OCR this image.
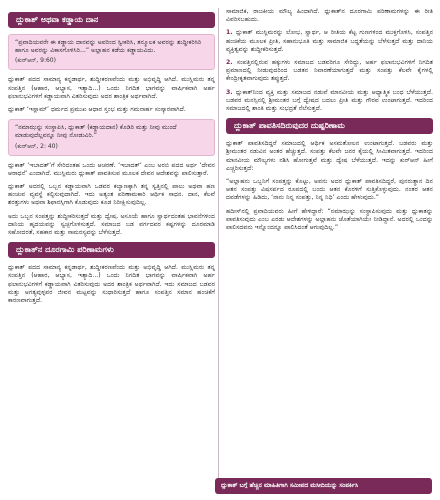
ದ್ಲುಕಾಶ್ ಅಥವಾ ಕಡ್ಡಾಯ ದಾನ
“ಪ್ರವಾದಿಯವರೇ ಈ ಕಡ್ಡಾಯ ದಾನವನ್ನು ಅವರಿಂದ ಸ್ವೀಕರಿಸಿ, ತನ್ಮೂಲಕ ಅವರನ್ನು ಶುದ್ಧೀಕರಿಸಿರಿ ಹಾಗೂ ಅವರನ್ನು ವಿಕಾಸಗೊಳಿಸಿರಿ...” ಅಲ್ಲಾಹನ ಕಡೆಯ ಕಡ್ಡಾಯವಿದು.
(ಕುರ್‌ಆನ್, 9:60)

ದ್ಲುಕಾತ್ ಪದದ ಸಾಮಾನ್ಯ ಕನ್ನಡಾರ್ಥ, ಶುದ್ಧೀಕರಣವೆಂದು ಮತ್ತು ಅಭಿವೃದ್ಧಿ ಆಗಿದೆ. ಮುಸ್ಲಿಮರು ತನ್ನ ಸಂಪತ್ತಿನ (ಆಹಾರ, ಆಭ್ಯಾಸ, ಇತ್ಯಾದಿ...) ಒಂದು ನಿಗದಿತ ಭಾಗವನ್ನು ವಾರ್ಷಿಕವಾಗಿ ಅರ್ಹ ಫಲಾನುಭವಿಗಳಿಗೆ ಕಡ್ಡಾಯವಾಗಿ ವಿತರಿಸುವುದು ಅದರ ಶಾಂತ್ರಿಕ ಅರ್ಥವಾಗಿದೆ.

ದ್ಲುಕಾತ್ ‘ಇಸ್ಲಾಮ್’ ಧರ್ಮದ ಪ್ರಮುಖ ಆಧಾರ ಸ್ತಂಭ ಮತ್ತು ಗಮನಾರ್ಹ ಸಂಸ್ಕಾರವಾಗಿದೆ.

“ನಮಾಝನ್ನು ಸಂಸ್ಥಾಪಿಸಿ, ದ್ಲುಕಾತ್ (ಕಡ್ಡಾಯದಾನ) ಕೊಡಿರಿ ಮತ್ತು ನೀವು ಮುಂದೆ ಮಾಡುವುದೆಲ್ಲವನ್ನೂ ನೀವು ನೋಡುವಿರಿ.”
(ಕುರ್‌ಆನ್, 2: 40)

ದ್ಲುಕಾತ್ ‘ಇಬಾದತ್’ಗೆ ಸೇರಿದಂತಹ ಒಂದು ಆಚರಣೆ. ‘ಇಬಾದತ್’ ಎಂಬ ಅರಬಿ ಪದದ ಅರ್ಥ ‘ದೇವನ ಆರಾಧನೆ’ ಎಂದಾಗಿದೆ. ಮುಸ್ಲಿಮರು ದ್ಲುಕಾತ್ ಪಾವತಿಸುವ ಮೂಲಕ ದೇವನ ಆದೇಶವನ್ನು ಪಾಲಿಸುತ್ತಾರೆ.

ದ್ಲುಕಾತ್ ಅದರಲ್ಲಿ ಒಬ್ಬನ ಕಡ್ಡಾಯವಾಗಿ ಒಡವರ ಕಲ್ಯಾಣಕ್ಕಾಗಿ ತನ್ನ ಸ್ವತ್ತಿನಲ್ಲಿ ಪಾಲು ಅಥವಾ ಹಣ ಹಂಚುವ ವ್ಯವಸ್ಥೆ ಕಲ್ಪಿಸುವುದಾಗಿದೆ. ಇದು ಅತ್ಯಂತ ಪರಿಣಾಮಕಾರಿ ಆರ್ಥಿಕ ಸಾಧನ. ದಾನ, ಕೆಲವೆ ಶರತ್ತುಗಳು ಅಥವಾ ಶಿಫಾರಸ್ಸಿಗಾಗಿ ಕೊಡುವುದು ಕೂಡ ನಿರೀಕ್ಷಿಸುವುದಿಲ್ಲ.

ಅದು ಒಬ್ಬನ ಸಂಪತ್ತನ್ನು ಶುದ್ಧೀಕರಿಸುತ್ತದೆ ಮತ್ತು ದ್ವೇಷ, ಅಸೂಯೆ ಹಾಗೂ ಸ್ವಾರ್ಥದಂತಹ ಭಾವನೆಗಳಿಂದ ದಾನಿಯ ಹೃದಯವನ್ನು ಸ್ವಚ್ಛಗೊಳಿಸುತ್ತದೆ. ಸಮಾಜದ ಬಡ ವರ್ಗದವರ ಕಷ್ಟಗಳನ್ನು ದೂರಮಾಡಿ ಸಹೋದರತೆ, ಸಹಕಾರ ಮತ್ತು ಸಾಮರಸ್ಯವನ್ನು ಬೆಳೆಸುತ್ತದೆ.

ದ್ಲುಕಾತ್‌ನ ದೂರಗಾಮಿ ಪರಿಣಾಮಗಳು

ದ್ಲುಕಾತ್ ಪದದ ಸಾಮಾನ್ಯ ಕನ್ನಡಾರ್ಥ, ಶುದ್ಧೀಕರಣವೆಂದು ಮತ್ತು ಅಭಿವೃದ್ಧಿ ಆಗಿದೆ. ಮುಸ್ಲಿಮರು ತನ್ನ ಸಂಪತ್ತಿನ (ಆಹಾರ, ಆಭ್ಯಾಸ, ಇತ್ಯಾದಿ...) ಒಂದು ನಿಗದಿತ ಭಾಗವನ್ನು ವಾರ್ಷಿಕವಾಗಿ ಅರ್ಹ ಫಲಾನುಭವಿಗಳಿಗೆ ಕಡ್ಡಾಯವಾಗಿ ವಿತರಿಸುವುದು ಅದರ ಶಾಂತ್ರಿಕ ಅರ್ಥವಾಗಿದೆ. ಇದು ಸಮಾಜದ ಬಡವರ ಮತ್ತು ಅಗತ್ಯವುಳ್ಳವರ ಜೀವನ ಮಟ್ಟವನ್ನು ಸುಧಾರಿಸುತ್ತದೆ ಹಾಗೂ ಸಂಪತ್ತಿನ ಸಮಾನ ಹಂಚಿಕೆಗೆ ಕಾರಣವಾಗುತ್ತದೆ.

ಸಾಮಾಜಿಕ, ರಾಜಕೀಯ ಮೌಲ್ಯ ಹಿಂದಾಗಿದೆ. ದ್ಲುಕಾತ್‌ನ ದೂರಗಾಮಿ ಪರಿಣಾಮಗಳನ್ನು ಈ ರೀತಿ ವಿವರಿಸಬಹುದು.

1. ದ್ಲುಕಾತ್ ಮುಸ್ಲಿಮರನ್ನು ಲೋಭ, ಸ್ವಾರ್ಥ, ಆ ರೀತಿಯ ಕೆಟ್ಟ ಗುಣಗಳಿಂದ ಮುಕ್ತಗೊಳಿಸಿ, ಸಂಪತ್ತಿನ ಹಂಚಿಕೆಯ ಮೂಲಕ ಪ್ರೀತಿ, ಸಹಾನುಭೂತಿ ಮತ್ತು ಸಾಮಾಜಿಕ ಬದ್ಧತೆಯನ್ನು ಬೆಳೆಸುತ್ತದೆ ಮತ್ತು ದಾನಿಯ ವ್ಯಕ್ತಿತ್ವವನ್ನು ಶುದ್ಧೀಕರಿಸುತ್ತದೆ.

2. ಸಂಪತ್ತಿನಲ್ಲಿರುವ ಹಕ್ಕುಗಳು ಸಮಾಜದ ಬಡವರಿಗೂ ಸೇರಿದ್ದು, ಅರ್ಹ ಫಲಾನುಭವಿಗಳಿಗೆ ನಿಗದಿತ ಪ್ರಮಾಣದಲ್ಲಿ ನೀಡುವುದರಿಂದ ಬಡತನ ನಿವಾರಣೆಯಾಗುತ್ತದೆ ಮತ್ತು ಸಂಪತ್ತು ಕೆಲವೇ ಕೈಗಳಲ್ಲಿ ಕೇಂದ್ರೀಕೃತವಾಗುವುದು ತಪ್ಪುತ್ತದೆ.

3. ದ್ಲುಕಾತ್‌ನಿಂದ ವ್ಯಕ್ತಿ ಮತ್ತು ಸಮಾಜದ ನಡುವೆ ಮಾನವೀಯ ಮತ್ತು ಆಧ್ಯಾತ್ಮಿಕ ಬಂಧ ಬೆಳೆಯುತ್ತದೆ. ಬಡವರ ಮನಸ್ಸಿನಲ್ಲಿ ಶ್ರೀಮಂತರ ಬಗ್ಗೆ ದ್ವೇಷದ ಬದಲು ಪ್ರೀತಿ ಮತ್ತು ಗೌರವ ಉಂಟಾಗುತ್ತದೆ. ಇದರಿಂದ ಸಮಾಜದಲ್ಲಿ ಶಾಂತಿ ಮತ್ತು ಸುಭದ್ರತೆ ನೆಲೆಸುತ್ತದೆ.

ದ್ಲುಕಾತ್ ಪಾವತಿಸದಿರುವುದರ ದುಷ್ಪರಿಣಾಮ

ದ್ಲುಕಾತ್ ಪಾವತಿಸದಿದ್ದರೆ ಸಮಾಜದಲ್ಲಿ ಆರ್ಥಿಕ ಅಸಮತೋಲನ ಉಂಟಾಗುತ್ತದೆ. ಬಡವರು ಮತ್ತು ಶ್ರೀಮಂತರ ನಡುವಿನ ಅಂತರ ಹೆಚ್ಚುತ್ತದೆ. ಸಂಪತ್ತು ಕೆಲವೇ ಜನರ ಕೈಯಲ್ಲಿ ಸೀಮಿತವಾಗುತ್ತದೆ. ಇದರಿಂದ ಮಾನವೀಯ ಮೌಲ್ಯಗಳು ನಶಿಸಿ ಹೋಗುತ್ತವೆ ಮತ್ತು ದ್ವೇಷ ಬೆಳೆಯುತ್ತದೆ. ಇದನ್ನು ಕುರ್‌ಆನ್ ಹೀಗೆ ಎಚ್ಚರಿಸುತ್ತದೆ:

“ಅಲ್ಲಾಹನು ಒಬ್ಬನಿಗೆ ಸಂಪತ್ತನ್ನು ಕೊಟ್ಟು, ಅವನು ಅದರ ದ್ಲುಕಾತ್ ಪಾವತಿಸದಿದ್ದರೆ, ಪುನರುತ್ಥಾನ ದಿನ ಆತನ ಸಂಪತ್ತು ವಿಷಸರ್ಪದ ರೂಪದಲ್ಲಿ ಬಂದು ಆತನ ಕೊರಳಿಗೆ ಸುತ್ತಿಕೊಳ್ಳುವುದು. ನಂತರ ಆತನ ದವಡೆಗಳನ್ನು ಹಿಡಿದು, ‘ನಾನು ನಿನ್ನ ಸಂಪತ್ತು, ನಿನ್ನ ನಿಧಿ’ ಎಂದು ಹೇಳುವುದು.”

ಹದೀಸ್‌ನಲ್ಲಿ ಪ್ರವಾದಿಯವರು ಹೀಗೆ ಹೇಳಿದ್ದಾರೆ: “ನಮಾಝನ್ನು ಸಂಸ್ಥಾಪಿಸುವುದು ಮತ್ತು ದ್ಲುಕಾತನ್ನು ಪಾವತಿಸುವುದು ಎಂಬ ಎರಡು ಆದೇಶಗಳನ್ನು ಅಲ್ಲಾಹನು ಜೊತೆಯಾಗಿಯೇ ನೀಡಿದ್ದಾನೆ. ಅದರಲ್ಲಿ ಒಂದನ್ನು ಪಾಲಿಸದವನು ಇನ್ನೊಂದನ್ನೂ ಪಾಲಿಸಿದಂತೆ ಆಗುವುದಿಲ್ಲ.”

ದ್ಲುಕಾತ್ ಬಗ್ಗೆ ಹೆಚ್ಚಿನ ಮಾಹಿತಿಗಾಗಿ ಸಮೀಪದ ಮಸೀದಿಯನ್ನು ಸಂಪರ್ಕಿಸಿ
